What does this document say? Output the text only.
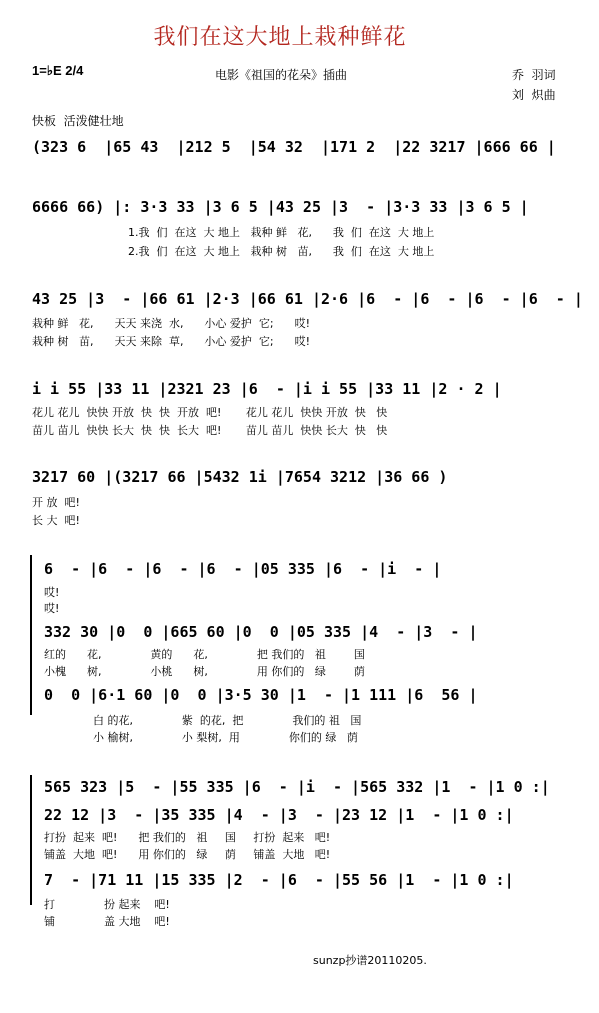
我们在这大地上栽种鲜花
1=♭E 2/4	电影《祖国的花朵》插曲	乔  羽词
刘  炽曲
快板  活泼健壮地
(323 6  |65 43  |212 5  |54 32  |171 2  |22 3217 |666 66 |
6666 66) |: 3·3 33 |3 6 5 |43 25 |3  - |3·3 33 |3 6 5 |
1.我  们  在这  大 地上   栽种 鲜   花,      我  们  在这  大 地上
2.我  们  在这  大 地上   栽种 树   苗,      我  们  在这  大 地上
43 25 |3  - |66 61 |2·3 |66 61 |2·6 |6  - |6  - |6  - |6  - |
栽种 鲜   花,      天天 来浇  水,      小心 爱护  它;      哎!
栽种 树   苗,      天天 来除  草,      小心 爱护  它;      哎!
i i 55 |33 11 |2321 23 |6  - |i i 55 |33 11 |2 · 2 |
花儿 花儿  快快 开放  快  快  开放  吧!       花儿 花儿  快快 开放  快   快
苗儿 苗儿  快快 长大  快  快  长大  吧!       苗儿 苗儿  快快 长大  快   快
3217 60 |(3217 66 |5432 1i |7654 3212 |36 66 )
开 放  吧!
长 大  吧!
6  - |6  - |6  - |6  - |05 335 |6  - |i  - |
哎!
哎!
332 30 |0  0 |665 60 |0  0 |05 335 |4  - |3  - |
红的      花,              黄的      花,              把 我们的   祖        国
小槐      树,              小桃      树,              用 你们的   绿        荫
0  0 |6·1 60 |0  0 |3·5 30 |1  - |1 111 |6  56 |
白 的花,              紫  的花,  把              我们的 祖   国
小 榆树,              小 梨树,  用              你们的 绿   荫
565 323 |5  - |55 335 |6  - |i  - |565 332 |1  - |1 0 :|
22 12 |3  - |35 335 |4  - |3  - |23 12 |1  - |1 0 :|
打扮  起来  吧!      把 我们的   祖     国     打扮  起来   吧!
铺盖  大地  吧!      用 你们的   绿     荫     铺盖  大地   吧!
7  - |71 11 |15 335 |2  - |6  - |55 56 |1  - |1 0 :|
打              扮 起来    吧!
铺              盖 大地    吧!
sunzp抄谱20110205.
